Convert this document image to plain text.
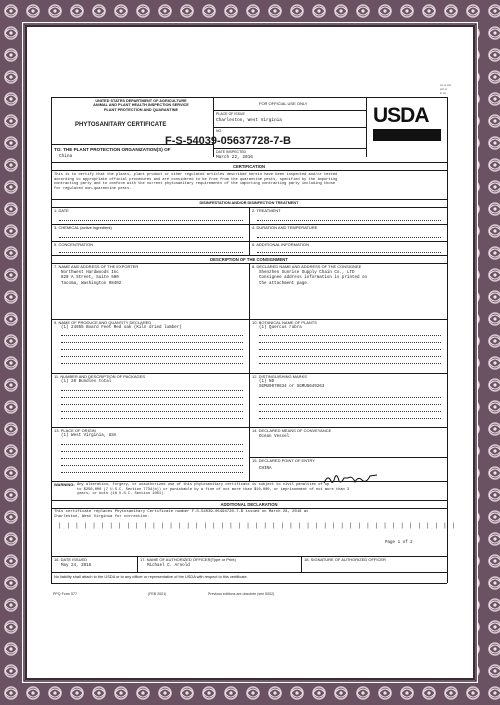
▪▪▪ ▪▪ ▪▪▪▪
▪▪▪▪ ▪▪
▪▪ ▪▪▪
UNITED STATES DEPARTMENT OF AGRICULTURE
ANIMAL AND PLANT HEALTH INSPECTION SERVICE
PLANT PROTECTION AND QUARANTINE
PHYTOSANITARY CERTIFICATE
FOR OFFICIAL USE ONLY
PLACE OF ISSUE
Charleston, West Virginia
NO.
F-S-54039-05637728-7-B
TO: THE PLANT PROTECTION ORGANIZATION(S) OF
China
DATE INSPECTED
March 22, 2016
USDA
CERTIFICATION
This is to certify that the plants, plant product or other regulated articles described herein have been inspected and/or tested
according to appropriate official procedures and are considered to be free from the quarantine pests, specified by the importing
contracting party and to conform with the current phytosanitary requirements of the importing contracting party including those
for regulated non-quarantine pests.
DISINFESTATION AND/OR DISINFECTION TREATMENT
1. DATE	2. TREATMENT
3. CHEMICAL (active ingredient)	4. DURATION AND TEMPERATURE
5. CONCENTRATION	6. ADDITIONAL INFORMATION
DESCRIPTION OF THE CONSIGNMENT
7. NAME AND ADDRESS OF THE EXPORTER
Northwest Hardwoods Inc
820 A Street, Suite 500
Tacoma, Washington 98402
8. DECLARED NAME AND ADDRESS OF THE CONSIGNEE
Shenzhen Sunrise Supply Chain Co., LTD
Consignee address information is printed on
the attachment page.
9. NAME OF PRODUCE AND QUANTITY DECLARED
(1) 24955 Board Feet Red oak (Kiln dried lumber)
10. BOTANICAL NAME OF PLANTS
(1) Quercus rubra
11. NUMBER AND DESCRIPTION OF PACKAGES
(1) 20 Bundles total
12. DISTINGUISHING MARKS
(1) ND
SGMU9070634 or SGMU5649263
13. PLACE OF ORIGIN
(1) West Virginia, USA
14. DECLARED MEANS OF CONVEYANCE
Ocean Vessel
15. DECLARED POINT OF ENTRY
CHINA
WARNING: Any alteration, forgery, or unauthorized use of this phytosanitary certificate is subject to civil penalties of up
to $250,000 (7 U.S.C. Section 7734(b)) or punishable by a fine of not more than $10,000, or imprisonment of not more than 3
years, or both (18 U.S.C. Section 1001).
ADDITIONAL DECLARATION
This certificate replaces Phytosanitary Certificate number F-S-54039-05494720-7-B issued on March 28, 2016 at
Charleston, West Virginia for correction.
|||||||||||||||||||||||||||||||||||||||||||||||
Page 1 of 2
16. DATE ISSUED
May 24, 2016
17. NAME OF AUTHORIZED OFFICER(Type or Print)
Michael C. Arnold
18. SIGNATURE OF AUTHORIZED OFFICER
No liability shall attach to the USDA or to any officer or representative of the USDA with respect to this certificate.
PPQ Form 577	(FEB 2001)	Previous editions are obsolete (see 5002)
